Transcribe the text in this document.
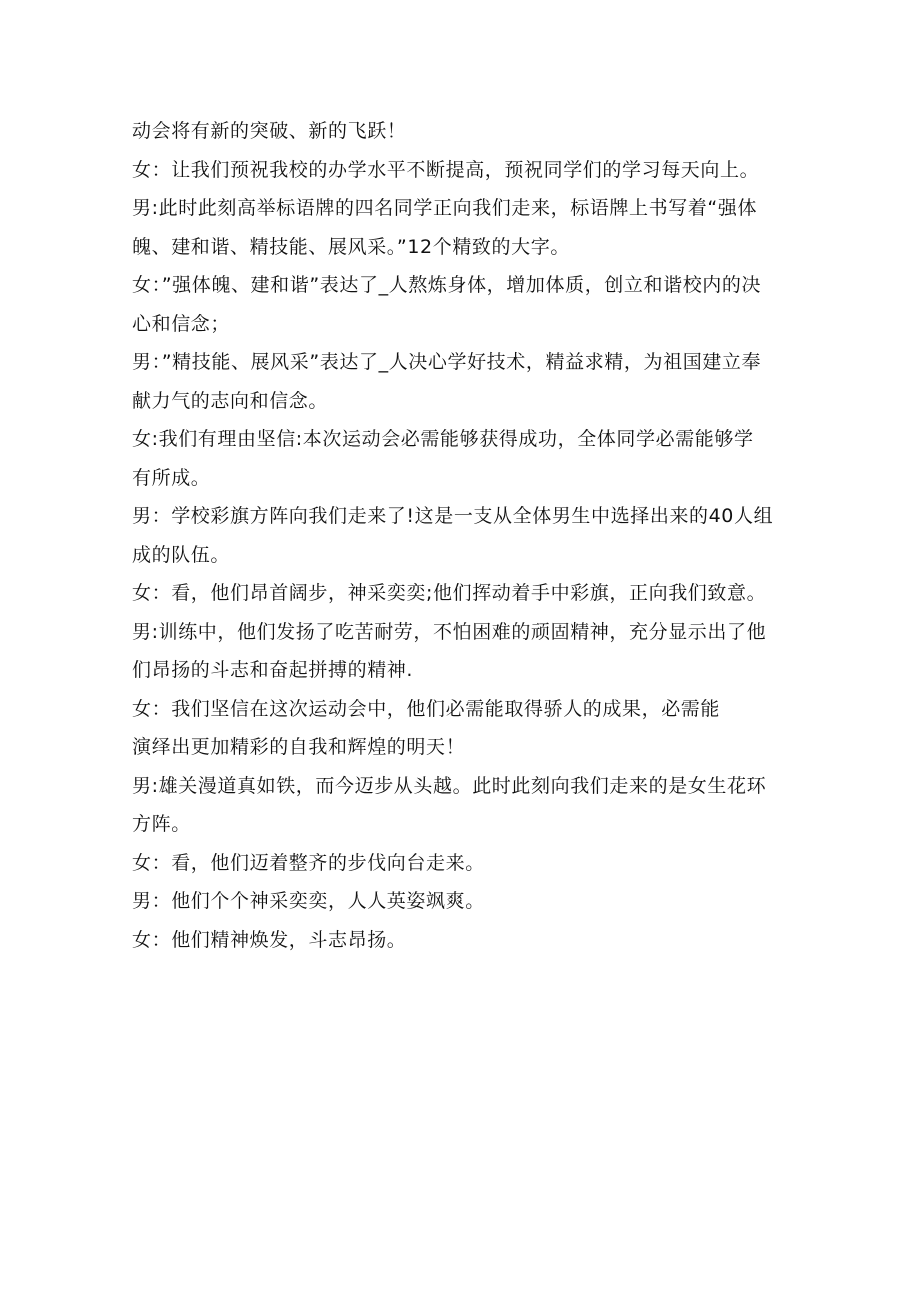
动会将有新的突破、新的飞跃！

女：让我们预祝我校的办学水平不断提高，预祝同学们的学习每天向上。

男:此时此刻高举标语牌的四名同学正向我们走来，标语牌上书写着“强体

魄、建和谐、精技能、展风采。”12个精致的大字。

女：”强体魄、建和谐”表达了_人熬炼身体，增加体质，创立和谐校内的决

心和信念；

男：”精技能、展风采”表达了_人决心学好技术，精益求精，为祖国建立奉

献力气的志向和信念。

女:我们有理由坚信:本次运动会必需能够获得成功，全体同学必需能够学

有所成。

男：学校彩旗方阵向我们走来了!这是一支从全体男生中选择出来的40人组

成的队伍。

女：看，他们昂首阔步，神采奕奕;他们挥动着手中彩旗，正向我们致意。

男:训练中，他们发扬了吃苦耐劳，不怕困难的顽固精神，充分显示出了他

们昂扬的斗志和奋起拼搏的精神.

女：我们坚信在这次运动会中，他们必需能取得骄人的成果，必需能

演绎出更加精彩的自我和辉煌的明天！

男:雄关漫道真如铁，而今迈步从头越。此时此刻向我们走来的是女生花环

方阵。

女：看，他们迈着整齐的步伐向台走来。

男：他们个个神采奕奕，人人英姿飒爽。

女：他们精神焕发，斗志昂扬。
